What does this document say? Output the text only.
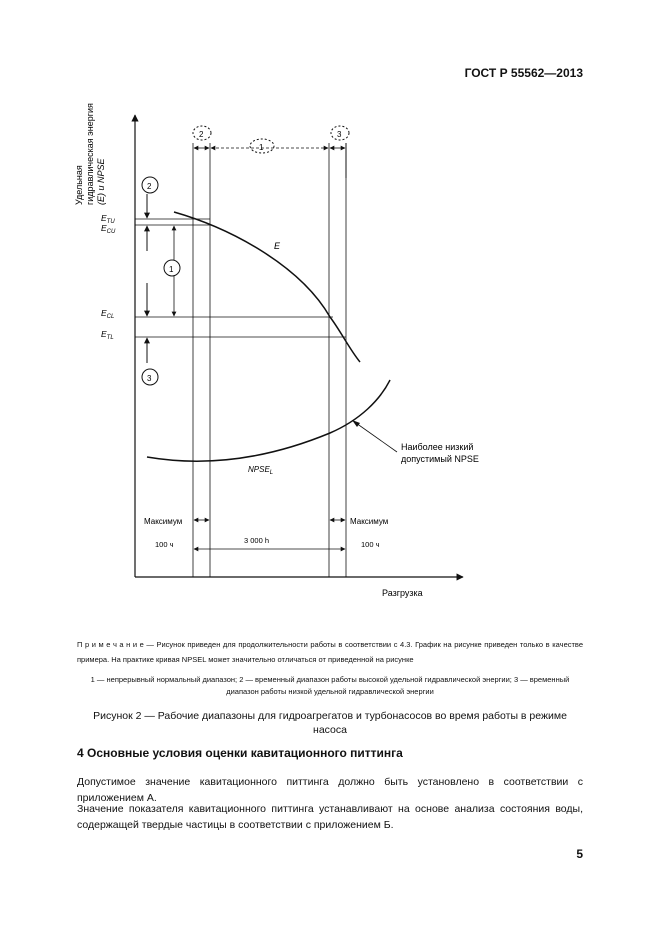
ГОСТ Р 55562—2013
Удельная гидравлическая энергия (E) и NPSE
Разгрузка
$E_{TU}$
$E_{CU}$
$E_{CL}$
$E_{TL}$
E
$NPSE_L$
Наиболее низкий
допустимый NPSE
2
1
3
2
1
3
Максимум	Максимум
100 ч	3 000 h	100 ч
П р и м е ч а н и е — Рисунок приведен для продолжительности работы в соответствии с 4.3. График на рисунке приведен только в качестве примера. На практике кривая NPSEL может значительно отличаться от приведенной на рисунке
1 — непрерывный нормальный диапазон; 2 — временный диапазон работы высокой удельной гидравлической энергии; 3 — временный диапазон работы низкой удельной гидравлической энергии
Рисунок 2 — Рабочие диапазоны для гидроагрегатов и турбонасосов во время работы в режиме насоса
4 Основные условия оценки кавитационного питтинга
Допустимое значение кавитационного питтинга должно быть установлено в соответствии с приложением А.
Значение показателя кавитационного питтинга устанавливают на основе анализа состояния воды, содержащей твердые частицы в соответствии с приложением Б.
5
